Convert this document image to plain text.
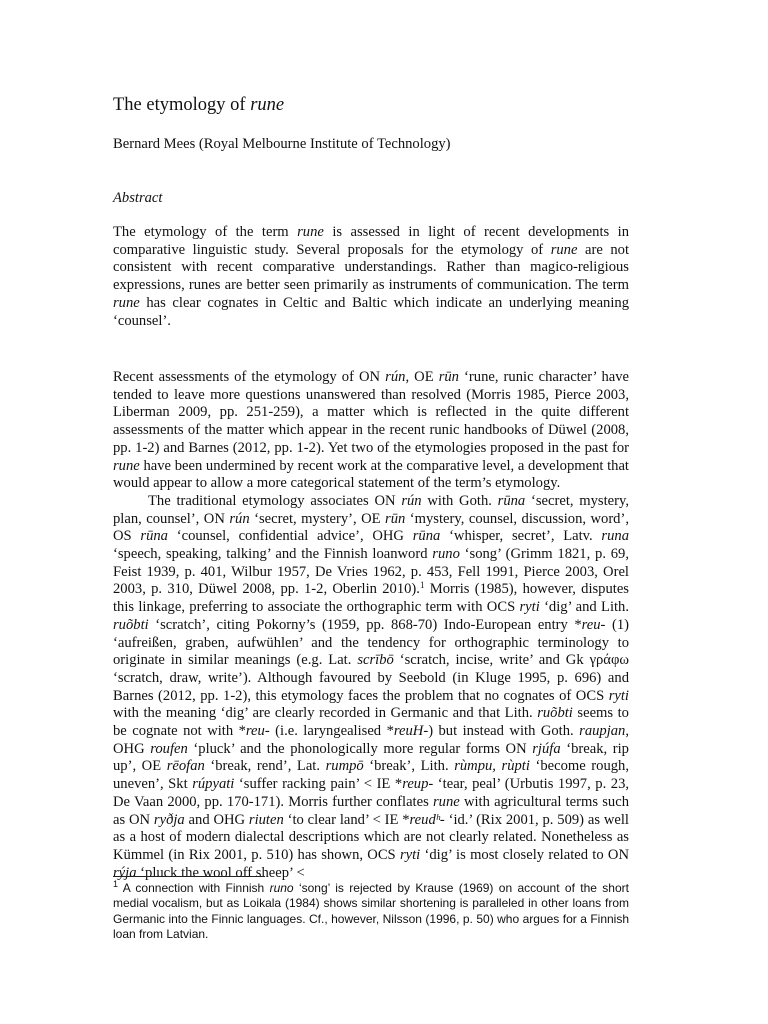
The etymology of rune
Bernard Mees (Royal Melbourne Institute of Technology)
Abstract

The etymology of the term rune is assessed in light of recent developments in comparative linguistic study. Several proposals for the etymology of rune are not consistent with recent comparative understandings. Rather than magico-religious expressions, runes are better seen primarily as instruments of communication. The term rune has clear cognates in Celtic and Baltic which indicate an underlying meaning ‘counsel’.

Recent assessments of the etymology of ON rún, OE rūn ‘rune, runic character’ have tended to leave more questions unanswered than resolved (Morris 1985, Pierce 2003, Liberman 2009, pp. 251-259), a matter which is reflected in the quite different assessments of the matter which appear in the recent runic handbooks of Düwel (2008, pp. 1-2) and Barnes (2012, pp. 1-2). Yet two of the etymologies proposed in the past for rune have been undermined by recent work at the comparative level, a development that would appear to allow a more categorical statement of the term’s etymology.

The traditional etymology associates ON rún with Goth. rūna ‘secret, mystery, plan, counsel’, ON rún ‘secret, mystery’, OE rūn ‘mystery, counsel, discussion, word’, OS rūna ‘counsel, confidential advice’, OHG rūna ‘whisper, secret’, Latv. runa ‘speech, speaking, talking’ and the Finnish loanword runo ‘song’ (Grimm 1821, p. 69, Feist 1939, p. 401, Wilbur 1957, De Vries 1962, p. 453, Fell 1991, Pierce 2003, Orel 2003, p. 310, Düwel 2008, pp. 1-2, Oberlin 2010).$^1$ Morris (1985), however, disputes this linkage, preferring to associate the orthographic term with OCS ryti ‘dig’ and Lith. ruõbti ‘scratch’, citing Pokorny’s (1959, pp. 868-70) Indo-European entry *reu- (1) ‘aufreißen, graben, aufwühlen’ and the tendency for orthographic terminology to originate in similar meanings (e.g. Lat. scrībō ‘scratch, incise, write’ and Gk γράφω ‘scratch, draw, write’). Although favoured by Seebold (in Kluge 1995, p. 696) and Barnes (2012, pp. 1-2), this etymology faces the problem that no cognates of OCS ryti with the meaning ‘dig’ are clearly recorded in Germanic and that Lith. ruõbti seems to be cognate not with *reu- (i.e. laryngealised *reuH-) but instead with Goth. raupjan, OHG roufen ‘pluck’ and the phonologically more regular forms ON rjúfa ‘break, rip up’, OE rēofan ‘break, rend’, Lat. rumpō ‘break’, Lith. rùmpu, rùpti ‘become rough, uneven’, Skt rúpyati ‘suffer racking pain’ < IE *reup- ‘tear, peal’ (Urbutis 1997, p. 23, De Vaan 2000, pp. 170-171). Morris further conflates rune with agricultural terms such as ON ryðja and OHG riuten ‘to clear land’ < IE *reudʰ- ‘id.’ (Rix 2001, p. 509) as well as a host of modern dialectal descriptions which are not clearly related. Nonetheless as Kümmel (in Rix 2001, p. 510) has shown, OCS ryti ‘dig’ is most closely related to ON rýja ‘pluck the wool off sheep’ <

$^1$ A connection with Finnish runo ‘song’ is rejected by Krause (1969) on account of the short medial vocalism, but as Loikala (1984) shows similar shortening is paralleled in other loans from Germanic into the Finnic languages. Cf., however, Nilsson (1996, p. 50) who argues for a Finnish loan from Latvian.
